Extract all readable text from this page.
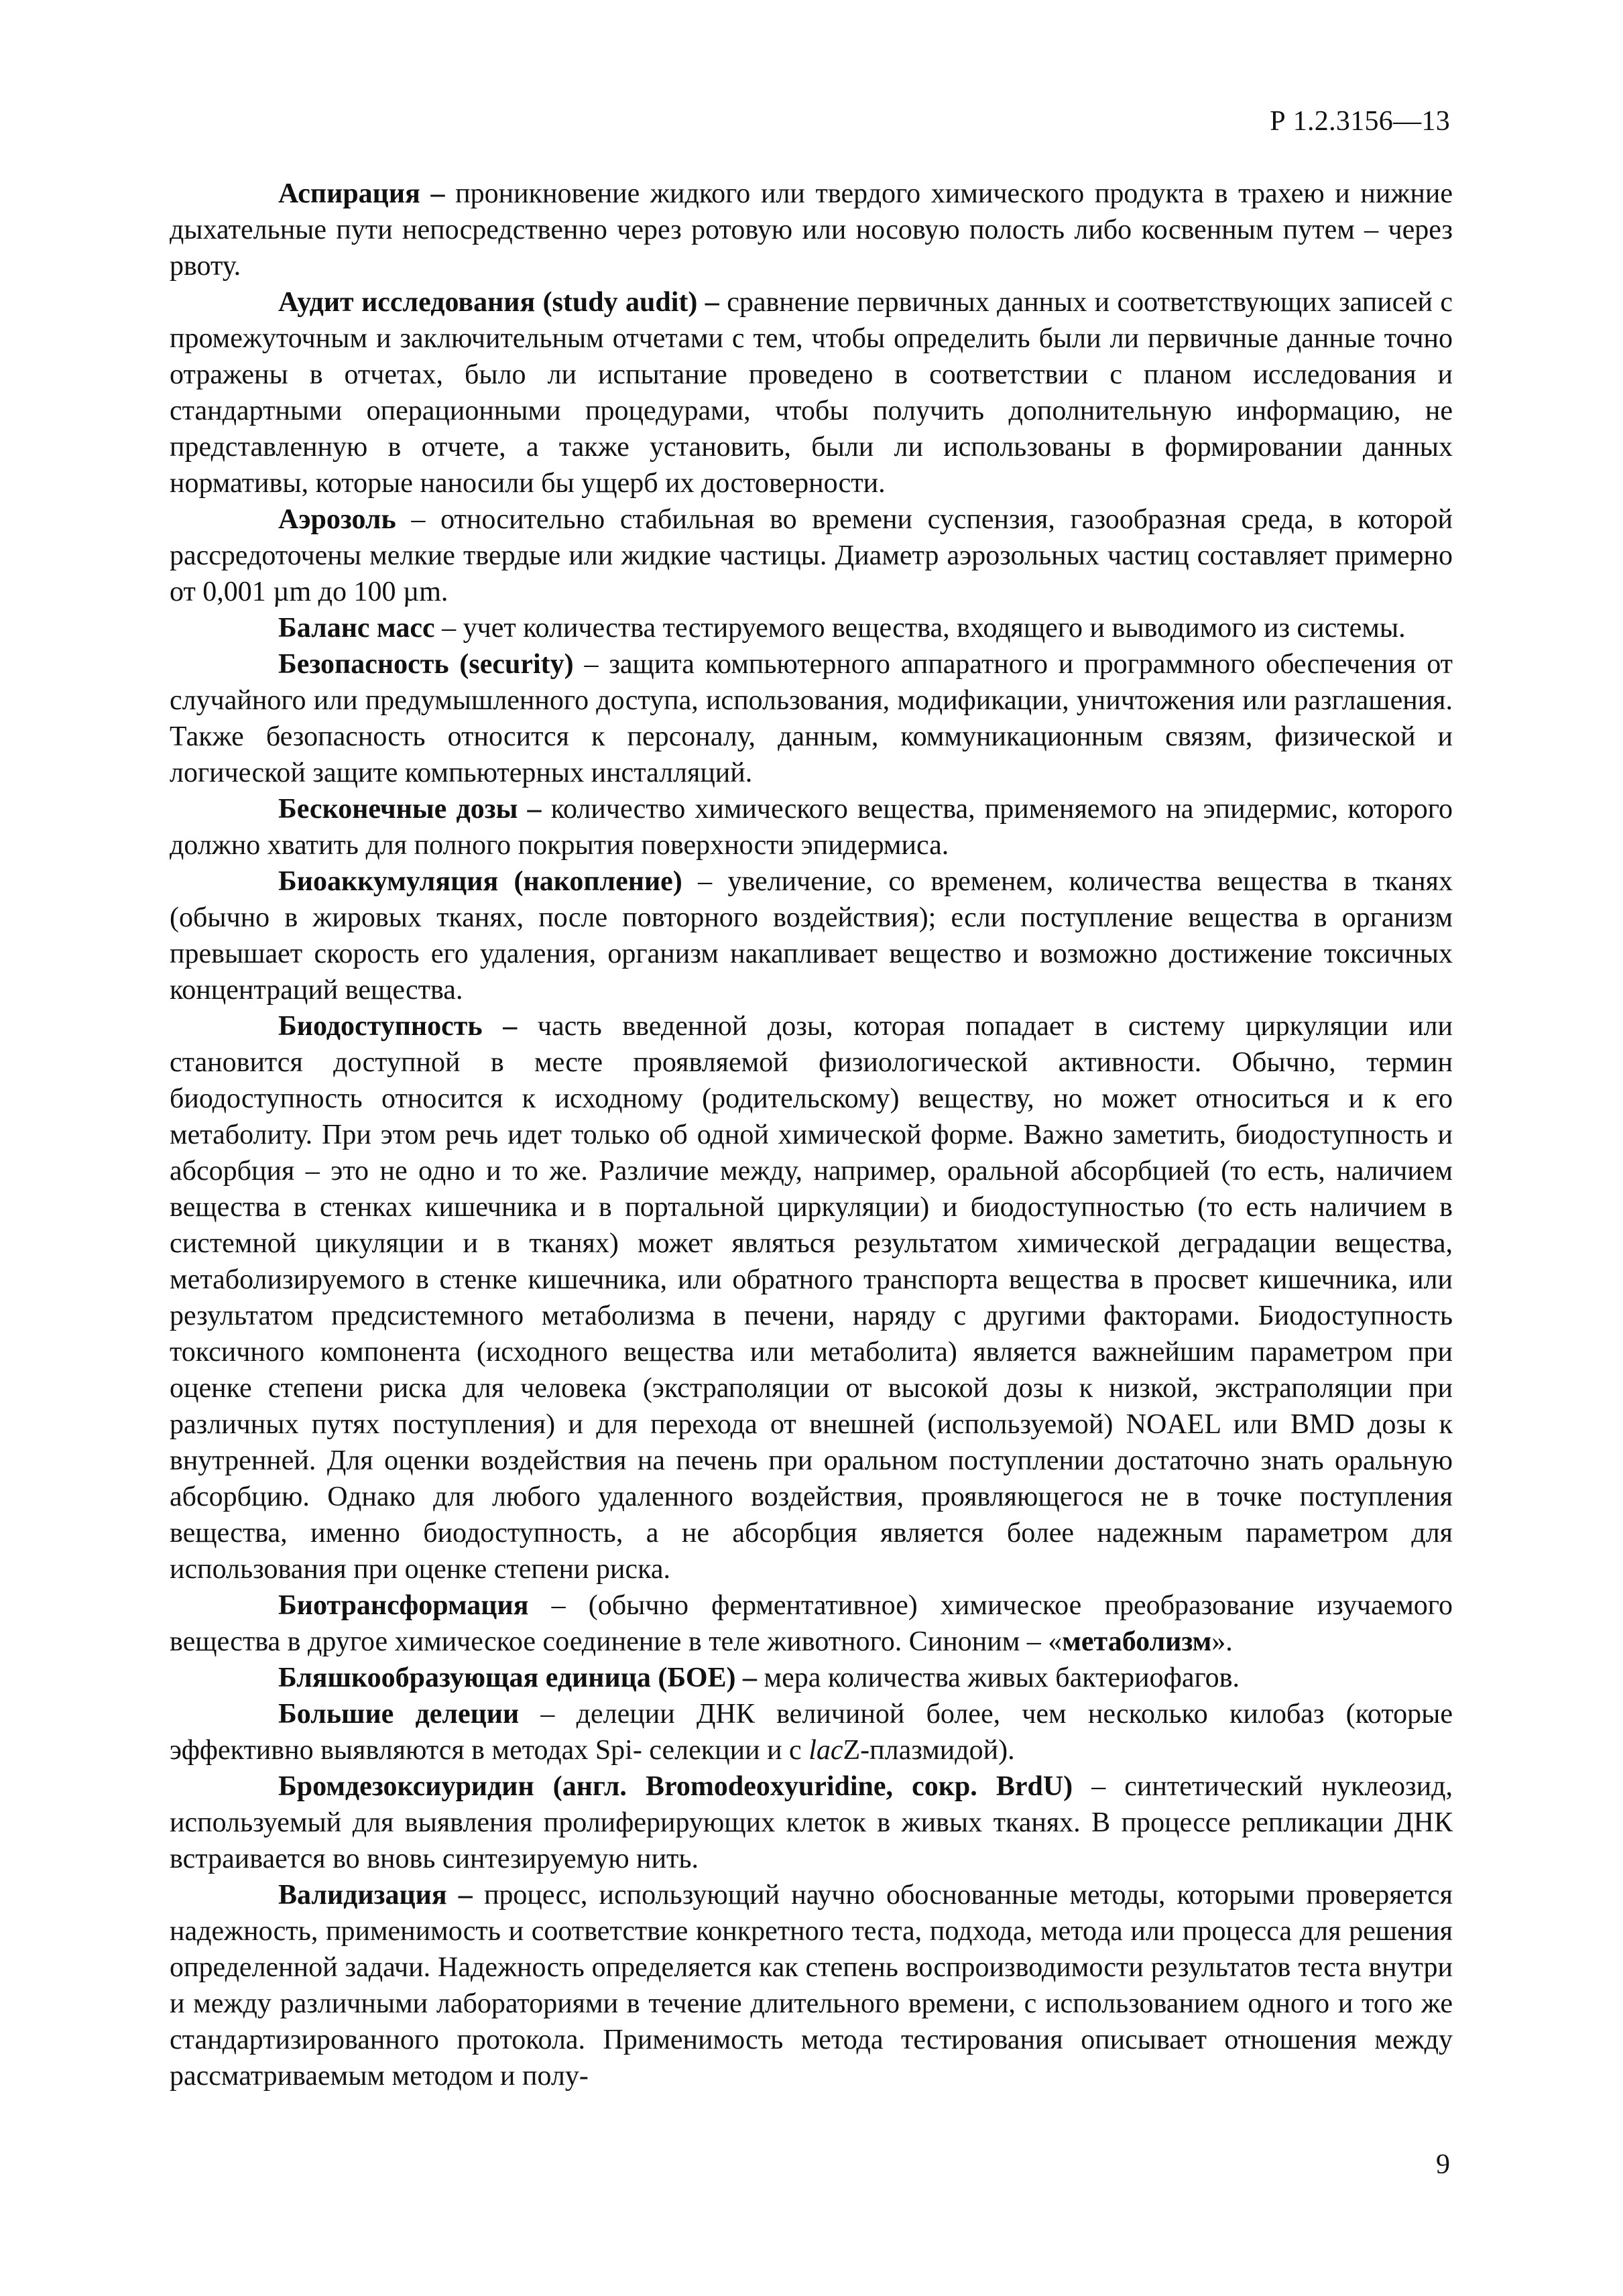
Р 1.2.3156—13

Аспирация – проникновение жидкого или твердого химического продукта в трахею и нижние дыхательные пути непосредственно через ротовую или носовую полость либо косвенным путем – через рвоту.

Аудит исследования (study audit) – сравнение первичных данных и соответствующих записей с промежуточным и заключительным отчетами с тем, чтобы определить были ли первичные данные точно отражены в отчетах, было ли испытание проведено в соответствии с планом исследования и стандартными операционными процедурами, чтобы получить дополнительную информацию, не представленную в отчете, а также установить, были ли использованы в формировании данных нормативы, которые наносили бы ущерб их достоверности.

Аэрозоль – относительно стабильная во времени суспензия, газообразная среда, в которой рассредоточены мелкие твердые или жидкие частицы. Диаметр аэрозольных частиц составляет примерно от 0,001 µm до 100 µm.

Баланс масс – учет количества тестируемого вещества, входящего и выводимого из системы.

Безопасность (security) – защита компьютерного аппаратного и программного обеспечения от случайного или предумышленного доступа, использования, модификации, уничтожения или разглашения. Также безопасность относится к персоналу, данным, коммуникационным связям, физической и логической защите компьютерных инсталляций.

Бесконечные дозы – количество химического вещества, применяемого на эпидермис, которого должно хватить для полного покрытия поверхности эпидермиса.

Биоаккумуляция (накопление) – увеличение, со временем, количества вещества в тканях (обычно в жировых тканях, после повторного воздействия); если поступление вещества в организм превышает скорость его удаления, организм накапливает вещество и возможно достижение токсичных концентраций вещества.

Биодоступность – часть введенной дозы, которая попадает в систему циркуляции или становится доступной в месте проявляемой физиологической активности. Обычно, термин биодоступность относится к исходному (родительскому) веществу, но может относиться и к его метаболиту. При этом речь идет только об одной химической форме. Важно заметить, биодоступность и абсорбция – это не одно и то же. Различие между, например, оральной абсорбцией (то есть, наличием вещества в стенках кишечника и в портальной циркуляции) и биодоступностью (то есть наличием в системной цикуляции и в тканях) может являться результатом химической деградации вещества, метаболизируемого в стенке кишечника, или обратного транспорта вещества в просвет кишечника, или результатом предсистемного метаболизма в печени, наряду с другими факторами. Биодоступность токсичного компонента (исходного вещества или метаболита) является важнейшим параметром при оценке степени риска для человека (экстраполяции от высокой дозы к низкой, экстраполяции при различных путях поступления) и для перехода от внешней (используемой) NOAEL или BMD дозы к внутренней. Для оценки воздействия на печень при оральном поступлении достаточно знать оральную абсорбцию. Однако для любого удаленного воздействия, проявляющегося не в точке поступления вещества, именно биодоступность, а не абсорбция является более надежным параметром для использования при оценке степени риска.

Биотрансформация – (обычно ферментативное) химическое преобразование изучаемого вещества в другое химическое соединение в теле животного. Синоним – «метаболизм».

Бляшкообразующая единица (БОЕ) – мера количества живых бактериофагов.

Большие делеции – делеции ДНК величиной более, чем несколько килобаз (которые эффективно выявляются в методах Spi- селекции и с lacZ-плазмидой).

Бромдезоксиуридин (англ. Bromodeoxyuridine, сокр. BrdU) – синтетический нуклеозид, используемый для выявления пролиферирующих клеток в живых тканях. В процессе репликации ДНК встраивается во вновь синтезируемую нить.

Валидизация – процесс, использующий научно обоснованные методы, которыми проверяется надежность, применимость и соответствие конкретного теста, подхода, метода или процесса для решения определенной задачи. Надежность определяется как степень воспроизводимости результатов теста внутри и между различными лабораториями в течение длительного времени, с использованием одного и того же стандартизированного протокола. Применимость метода тестирования описывает отношения между рассматриваемым методом и полу-

9
